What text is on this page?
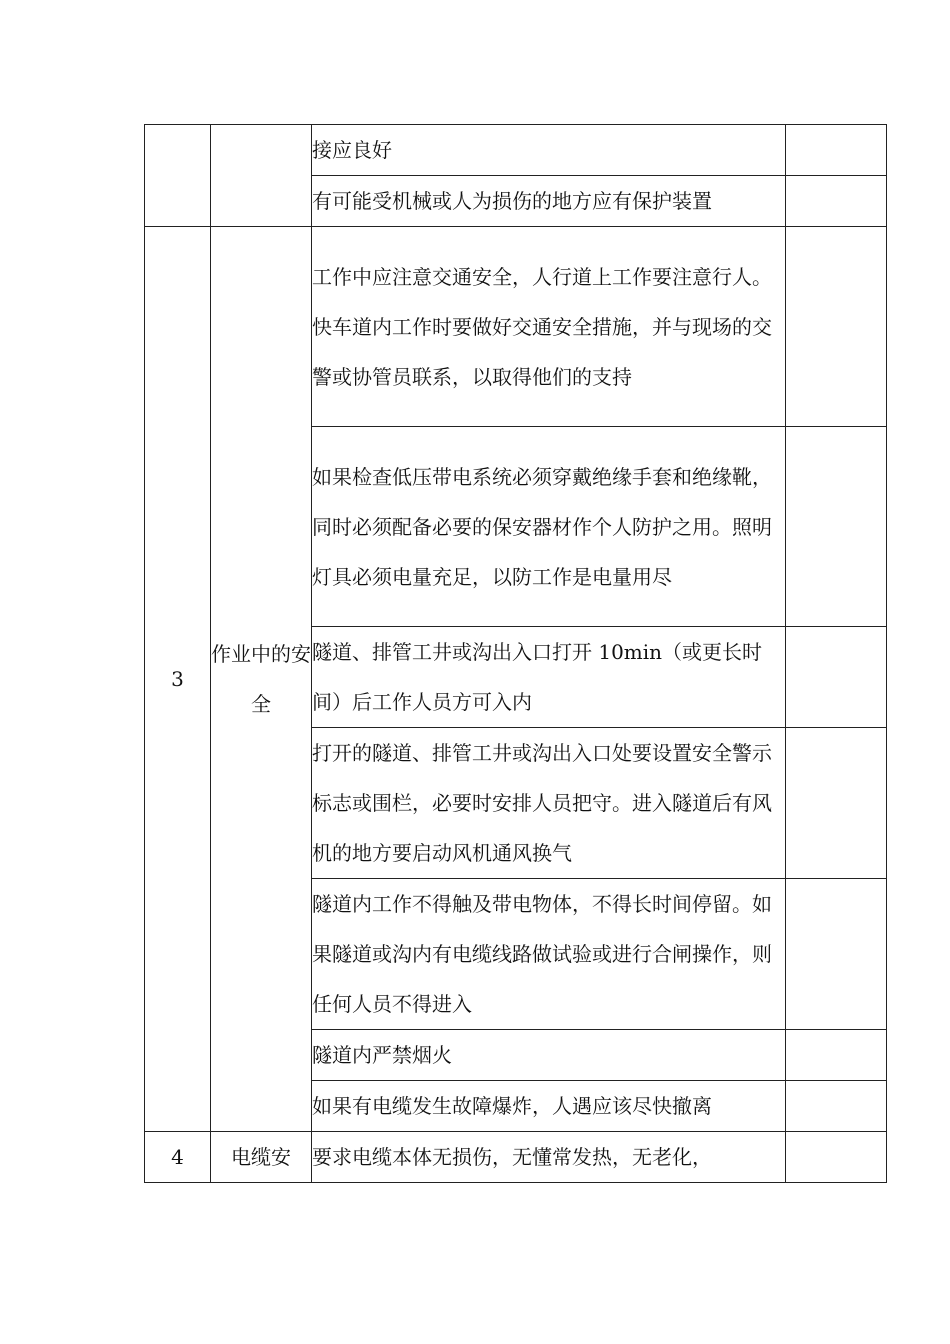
		接应良好	
		有可能受机械或人为损伤的地方应有保护装置	
3	作业中的安全	工作中应注意交通安全，人行道上工作要注意行人。快车道内工作时要做好交通安全措施，并与现场的交警或协管员联系，以取得他们的支持	
		如果检查低压带电系统必须穿戴绝缘手套和绝缘靴，同时必须配备必要的保安器材作个人防护之用。照明灯具必须电量充足，以防工作是电量用尽	
		隧道、排管工井或沟出入口打开 10min（或更长时间）后工作人员方可入内	
		打开的隧道、排管工井或沟出入口处要设置安全警示标志或围栏，必要时安排人员把守。进入隧道后有风机的地方要启动风机通风换气	
		隧道内工作不得触及带电物体，不得长时间停留。如果隧道或沟内有电缆线路做试验或进行合闸操作，则任何人员不得进入	
		隧道内严禁烟火	
		如果有电缆发生故障爆炸，人遇应该尽快撤离	
4	电缆安	要求电缆本体无损伤，无懂常发热，无老化，	
